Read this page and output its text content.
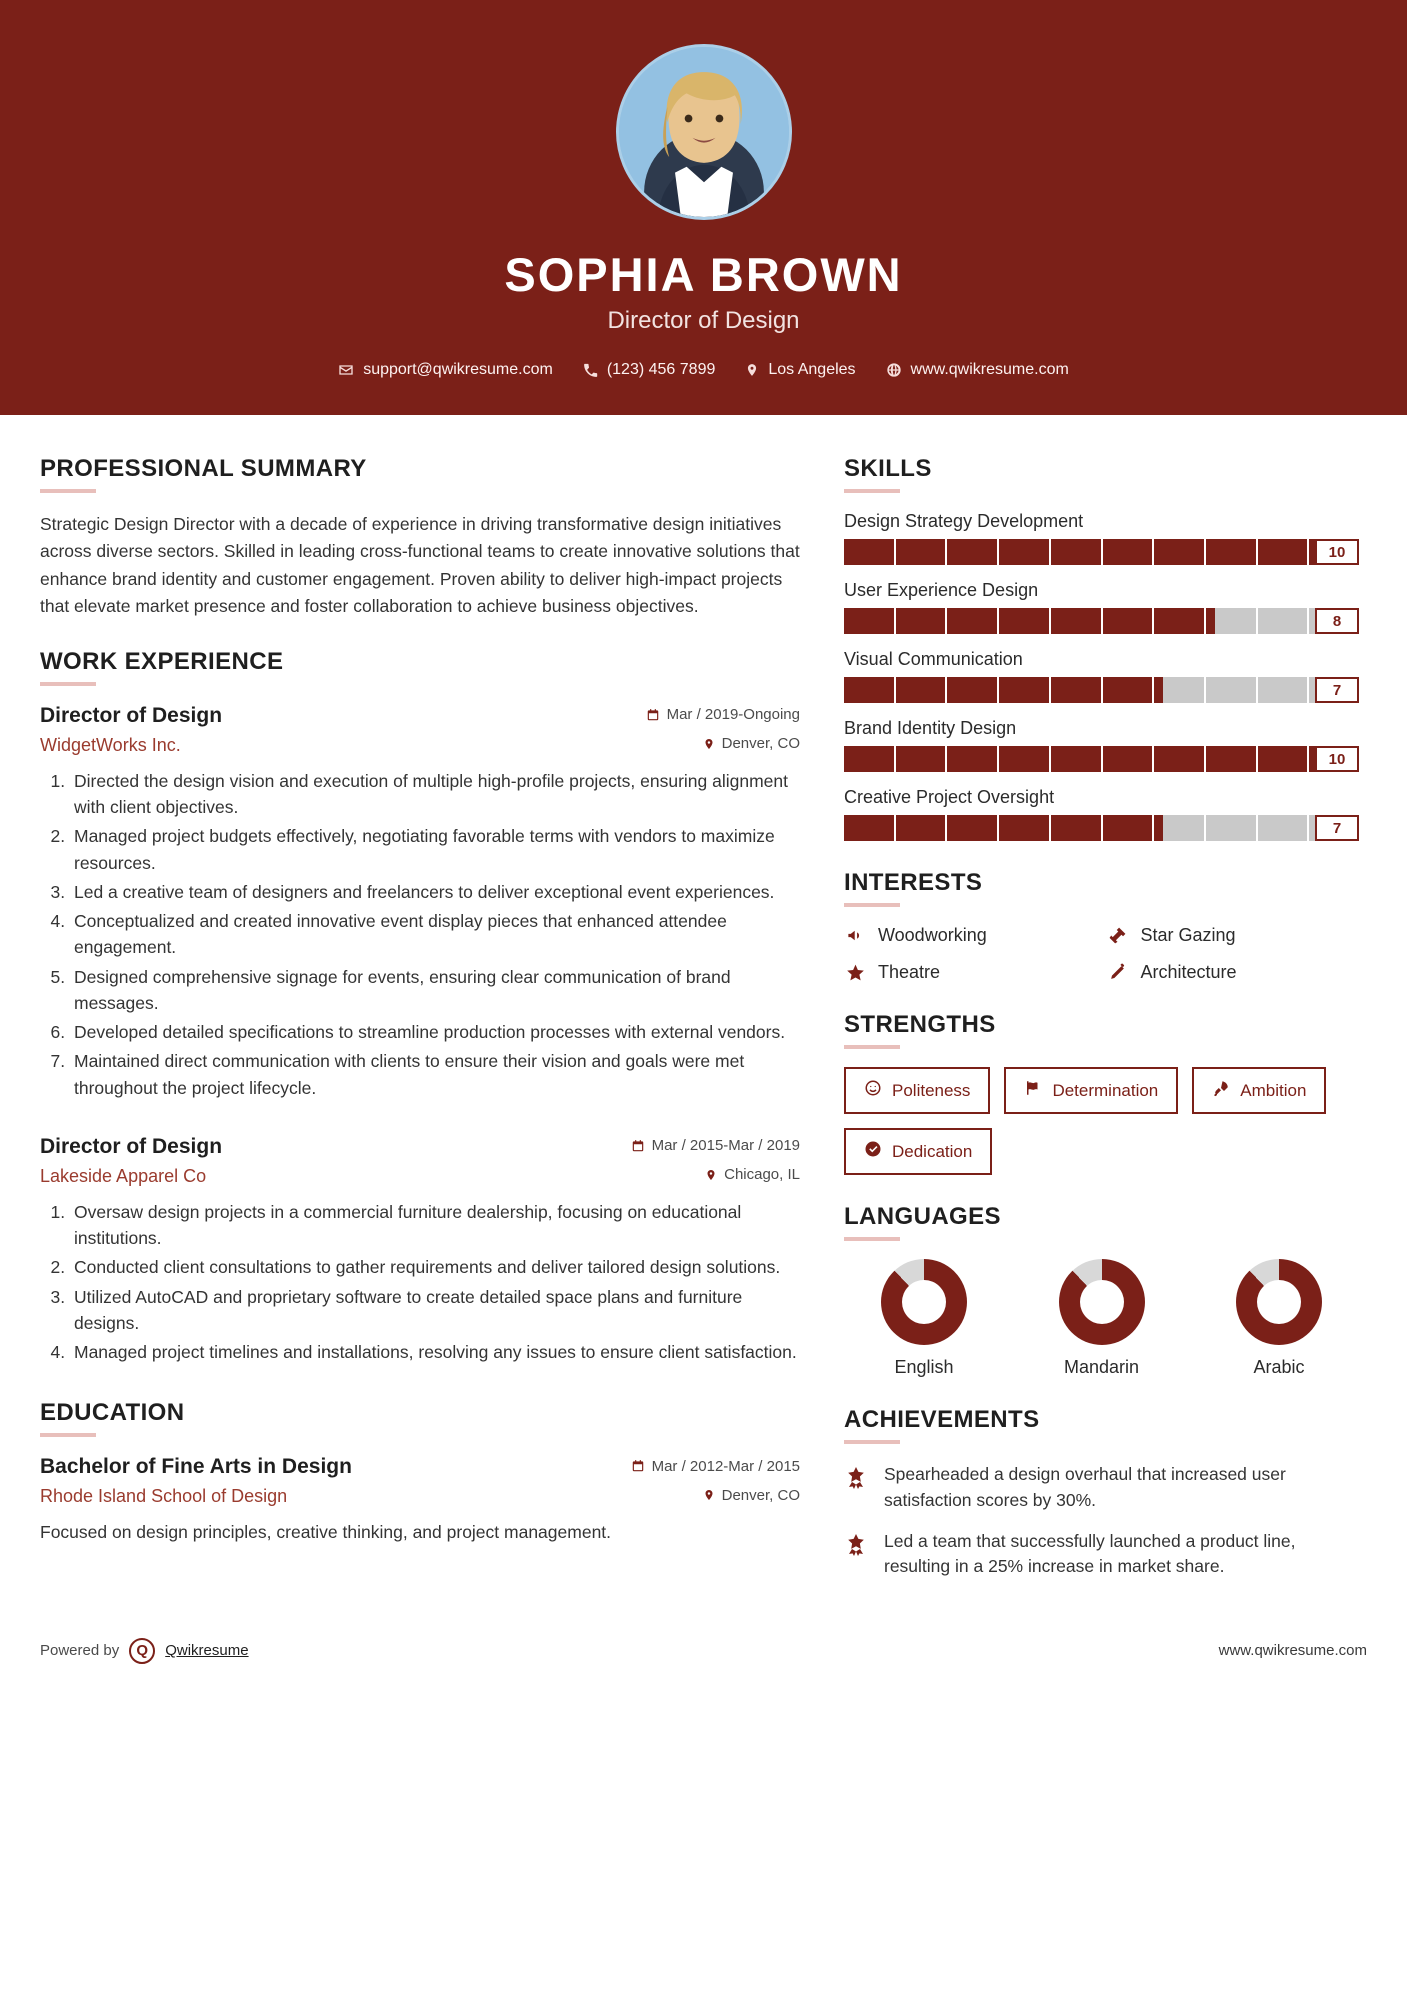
SOPHIA BROWN
Director of Design
support@qwikresume.com	(123) 456 7899	Los Angeles	www.qwikresume.com
PROFESSIONAL SUMMARY

Strategic Design Director with a decade of experience in driving transformative design initiatives across diverse sectors. Skilled in leading cross-functional teams to create innovative solutions that enhance brand identity and customer engagement. Proven ability to deliver high-impact projects that elevate market presence and foster collaboration to achieve business objectives.

WORK EXPERIENCE
Director of Design	Mar / 2019-Ongoing
WidgetWorks Inc.	Denver, CO
1. Directed the design vision and execution of multiple high-profile projects, ensuring alignment with client objectives.
2. Managed project budgets effectively, negotiating favorable terms with vendors to maximize resources.
3. Led a creative team of designers and freelancers to deliver exceptional event experiences.
4. Conceptualized and created innovative event display pieces that enhanced attendee engagement.
5. Designed comprehensive signage for events, ensuring clear communication of brand messages.
6. Developed detailed specifications to streamline production processes with external vendors.
7. Maintained direct communication with clients to ensure their vision and goals were met throughout the project lifecycle.
Director of Design	Mar / 2015-Mar / 2019
Lakeside Apparel Co	Chicago, IL
1. Oversaw design projects in a commercial furniture dealership, focusing on educational institutions.
2. Conducted client consultations to gather requirements and deliver tailored design solutions.
3. Utilized AutoCAD and proprietary software to create detailed space plans and furniture designs.
4. Managed project timelines and installations, resolving any issues to ensure client satisfaction.
EDUCATION
Bachelor of Fine Arts in Design	Mar / 2012-Mar / 2015
Rhode Island School of Design	Denver, CO

Focused on design principles, creative thinking, and project management.

SKILLS
Design Strategy Development
10
User Experience Design
8
Visual Communication
7
Brand Identity Design
10
Creative Project Oversight
7
INTERESTS
Woodworking	Star Gazing
Theatre	Architecture
STRENGTHS
Politeness	Determination	Ambition
Dedication
LANGUAGES
English	Mandarin	Arabic
ACHIEVEMENTS
Spearheaded a design overhaul that increased user satisfaction scores by 30%.
Led a team that successfully launched a product line, resulting in a 25% increase in market share.
Powered by	Q	Qwikresume	www.qwikresume.com
